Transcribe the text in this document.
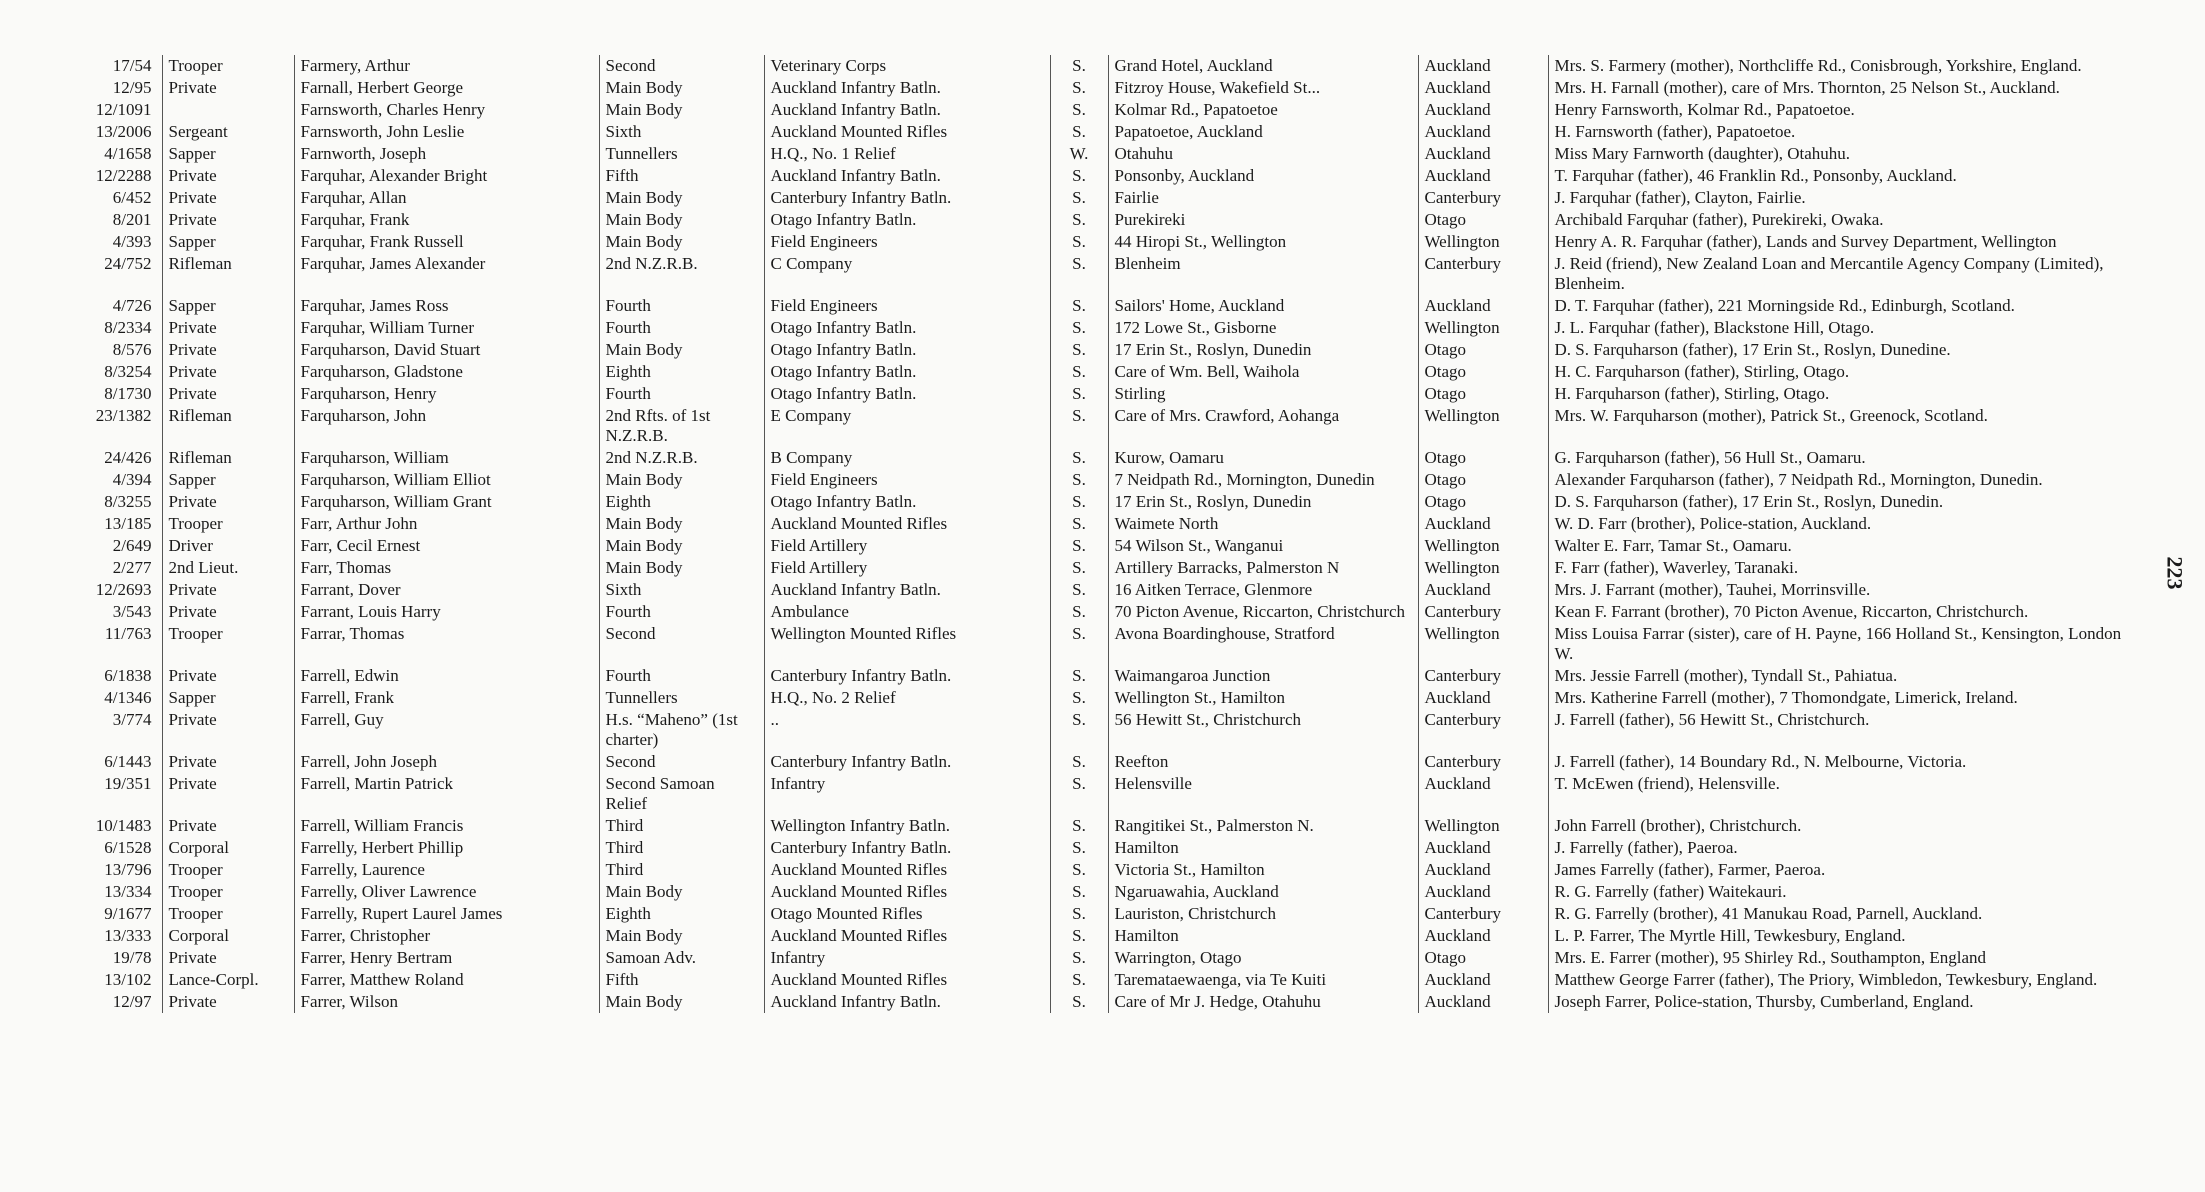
17/54	Trooper	Farmery, Arthur	Second	Veterinary Corps	S.	Grand Hotel, Auckland	Auckland	Mrs. S. Farmery (mother), Northcliffe Rd., Conisbrough, Yorkshire, England.
12/95	Private	Farnall, Herbert George	Main Body	Auckland Infantry Batln.	S.	Fitzroy House, Wakefield St...	Auckland	Mrs. H. Farnall (mother), care of Mrs. Thornton, 25 Nelson St., Auckland.
12/1091		Farnsworth, Charles Henry	Main Body	Auckland Infantry Batln.	S.	Kolmar Rd., Papatoetoe	Auckland	Henry Farnsworth, Kolmar Rd., Papatoetoe.
13/2006	Sergeant	Farnsworth, John Leslie	Sixth	Auckland Mounted Rifles	S.	Papatoetoe, Auckland	Auckland	H. Farnsworth (father), Papatoetoe.
4/1658	Sapper	Farnworth, Joseph	Tunnellers	H.Q., No. 1 Relief	W.	Otahuhu	Auckland	Miss Mary Farnworth (daughter), Otahuhu.
12/2288	Private	Farquhar, Alexander Bright	Fifth	Auckland Infantry Batln.	S.	Ponsonby, Auckland	Auckland	T. Farquhar (father), 46 Franklin Rd., Ponsonby, Auckland.
6/452	Private	Farquhar, Allan	Main Body	Canterbury Infantry Batln.	S.	Fairlie	Canterbury	J. Farquhar (father), Clayton, Fairlie.
8/201	Private	Farquhar, Frank	Main Body	Otago Infantry Batln.	S.	Purekireki	Otago	Archibald Farquhar (father), Purekireki, Owaka.
4/393	Sapper	Farquhar, Frank Russell	Main Body	Field Engineers	S.	44 Hiropi St., Wellington	Wellington	Henry A. R. Farquhar (father), Lands and Survey Department, Wellington
24/752	Rifleman	Farquhar, James Alexander	2nd N.Z.R.B.	C Company	S.	Blenheim	Canterbury	J. Reid (friend), New Zealand Loan and Mercantile Agency Company (Limited), Blenheim.
4/726	Sapper	Farquhar, James Ross	Fourth	Field Engineers	S.	Sailors' Home, Auckland	Auckland	D. T. Farquhar (father), 221 Morningside Rd., Edinburgh, Scotland.
8/2334	Private	Farquhar, William Turner	Fourth	Otago Infantry Batln.	S.	172 Lowe St., Gisborne	Wellington	J. L. Farquhar (father), Blackstone Hill, Otago.
8/576	Private	Farquharson, David Stuart	Main Body	Otago Infantry Batln.	S.	17 Erin St., Roslyn, Dunedin	Otago	D. S. Farquharson (father), 17 Erin St., Roslyn, Dunedine.
8/3254	Private	Farquharson, Gladstone	Eighth	Otago Infantry Batln.	S.	Care of Wm. Bell, Waihola	Otago	H. C. Farquharson (father), Stirling, Otago.
8/1730	Private	Farquharson, Henry	Fourth	Otago Infantry Batln.	S.	Stirling	Otago	H. Farquharson (father), Stirling, Otago.
23/1382	Rifleman	Farquharson, John	2nd Rfts. of 1st N.Z.R.B.	E Company	S.	Care of Mrs. Crawford, Aohanga	Wellington	Mrs. W. Farquharson (mother), Patrick St., Greenock, Scotland.
24/426	Rifleman	Farquharson, William	2nd N.Z.R.B.	B Company	S.	Kurow, Oamaru	Otago	G. Farquharson (father), 56 Hull St., Oamaru.
4/394	Sapper	Farquharson, William Elliot	Main Body	Field Engineers	S.	7 Neidpath Rd., Mornington, Dunedin	Otago	Alexander Farquharson (father), 7 Neidpath Rd., Mornington, Dunedin.
8/3255	Private	Farquharson, William Grant	Eighth	Otago Infantry Batln.	S.	17 Erin St., Roslyn, Dunedin	Otago	D. S. Farquharson (father), 17 Erin St., Roslyn, Dunedin.
13/185	Trooper	Farr, Arthur John	Main Body	Auckland Mounted Rifles	S.	Waimete North	Auckland	W. D. Farr (brother), Police-station, Auckland.
2/649	Driver	Farr, Cecil Ernest	Main Body	Field Artillery	S.	54 Wilson St., Wanganui	Wellington	Walter E. Farr, Tamar St., Oamaru.
2/277	2nd Lieut.	Farr, Thomas	Main Body	Field Artillery	S.	Artillery Barracks, Palmerston N	Wellington	F. Farr (father), Waverley, Taranaki.
12/2693	Private	Farrant, Dover	Sixth	Auckland Infantry Batln.	S.	16 Aitken Terrace, Glenmore	Auckland	Mrs. J. Farrant (mother), Tauhei, Morrinsville.
3/543	Private	Farrant, Louis Harry	Fourth	Ambulance	S.	70 Picton Avenue, Riccarton, Christchurch	Canterbury	Kean F. Farrant (brother), 70 Picton Avenue, Riccarton, Christchurch.
11/763	Trooper	Farrar, Thomas	Second	Wellington Mounted Rifles	S.	Avona Boardinghouse, Stratford	Wellington	Miss Louisa Farrar (sister), care of H. Payne, 166 Holland St., Kensington, London W.
6/1838	Private	Farrell, Edwin	Fourth	Canterbury Infantry Batln.	S.	Waimangaroa Junction	Canterbury	Mrs. Jessie Farrell (mother), Tyndall St., Pahiatua.
4/1346	Sapper	Farrell, Frank	Tunnellers	H.Q., No. 2 Relief	S.	Wellington St., Hamilton	Auckland	Mrs. Katherine Farrell (mother), 7 Thomondgate, Limerick, Ireland.
3/774	Private	Farrell, Guy	H.s. “Maheno” (1st charter)	..	S.	56 Hewitt St., Christchurch	Canterbury	J. Farrell (father), 56 Hewitt St., Christchurch.
6/1443	Private	Farrell, John Joseph	Second	Canterbury Infantry Batln.	S.	Reefton	Canterbury	J. Farrell (father), 14 Boundary Rd., N. Melbourne, Victoria.
19/351	Private	Farrell, Martin Patrick	Second Samoan Relief	Infantry	S.	Helensville	Auckland	T. McEwen (friend), Helensville.
10/1483	Private	Farrell, William Francis	Third	Wellington Infantry Batln.	S.	Rangitikei St., Palmerston N.	Wellington	John Farrell (brother), Christchurch.
6/1528	Corporal	Farrelly, Herbert Phillip	Third	Canterbury Infantry Batln.	S.	Hamilton	Auckland	J. Farrelly (father), Paeroa.
13/796	Trooper	Farrelly, Laurence	Third	Auckland Mounted Rifles	S.	Victoria St., Hamilton	Auckland	James Farrelly (father), Farmer, Paeroa.
13/334	Trooper	Farrelly, Oliver Lawrence	Main Body	Auckland Mounted Rifles	S.	Ngaruawahia, Auckland	Auckland	R. G. Farrelly (father) Waitekauri.
9/1677	Trooper	Farrelly, Rupert Laurel James	Eighth	Otago Mounted Rifles	S.	Lauriston, Christchurch	Canterbury	R. G. Farrelly (brother), 41 Manukau Road, Parnell, Auckland.
13/333	Corporal	Farrer, Christopher	Main Body	Auckland Mounted Rifles	S.	Hamilton	Auckland	L. P. Farrer, The Myrtle Hill, Tewkesbury, England.
19/78	Private	Farrer, Henry Bertram	Samoan Adv.	Infantry	S.	Warrington, Otago	Otago	Mrs. E. Farrer (mother), 95 Shirley Rd., Southampton, England
13/102	Lance-Corpl.	Farrer, Matthew Roland	Fifth	Auckland Mounted Rifles	S.	Taremataewaenga, via Te Kuiti	Auckland	Matthew George Farrer (father), The Priory, Wimbledon, Tewkesbury, England.
12/97	Private	Farrer, Wilson	Main Body	Auckland Infantry Batln.	S.	Care of Mr J. Hedge, Otahuhu	Auckland	Joseph Farrer, Police-station, Thursby, Cumberland, England.
223
